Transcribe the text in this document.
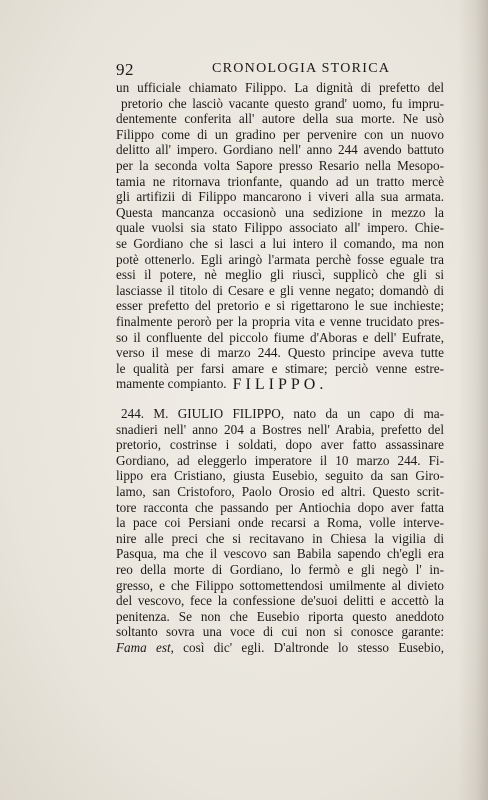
92	CRONOLOGIA STORICA
un ufficiale chiamato Filippo. La dignità di prefetto del
pretorio che lasciò vacante questo grand' uomo, fu impru-
dentemente conferita all' autore della sua morte. Ne usò
Filippo come di un gradino per pervenire con un nuovo
delitto all' impero. Gordiano nell' anno 244 avendo battuto
per la seconda volta Sapore presso Resario nella Mesopo-
tamia ne ritornava trionfante, quando ad un tratto mercè
gli artifizii di Filippo mancarono i viveri alla sua armata.
Questa mancanza occasionò una sedizione in mezzo la
quale vuolsi sia stato Filippo associato all' impero. Chie-
se Gordiano che si lasci a lui intero il comando, ma non
potè ottenerlo. Egli aringò l'armata perchè fosse eguale tra
essi il potere, nè meglio gli riuscì, supplicò che gli si
lasciasse il titolo di Cesare e gli venne negato; domandò di
esser prefetto del pretorio e si rigettarono le sue inchieste;
finalmente perorò per la propria vita e venne trucidato pres-
so il confluente del piccolo fiume d'Aboras e dell' Eufrate,
verso il mese di marzo 244. Questo principe aveva tutte
le qualità per farsi amare e stimare; perciò venne estre-
mamente compianto. FILIPPO.
244. M. GIULIO FILIPPO, nato da un capo di ma-
snadieri nell' anno 204 a Bostres nell' Arabia, prefetto del
pretorio, costrinse i soldati, dopo aver fatto assassinare
Gordiano, ad eleggerlo imperatore il 10 marzo 244. Fi-
lippo era Cristiano, giusta Eusebio, seguito da san Giro-
lamo, san Cristoforo, Paolo Orosio ed altri. Questo scrit-
tore racconta che passando per Antiochia dopo aver fatta
la pace coi Persiani onde recarsi a Roma, volle interve-
nire alle preci che si recitavano in Chiesa la vigilia di
Pasqua, ma che il vescovo san Babila sapendo ch'egli era
reo della morte di Gordiano, lo fermò e gli negò l' in-
gresso, e che Filippo sottomettendosi umilmente al divieto
del vescovo, fece la confessione de'suoi delitti e accettò la
penitenza. Se non che Eusebio riporta questo aneddoto
soltanto sovra una voce di cui non si conosce garante:
Fama est, così dic' egli. D'altronde lo stesso Eusebio,
